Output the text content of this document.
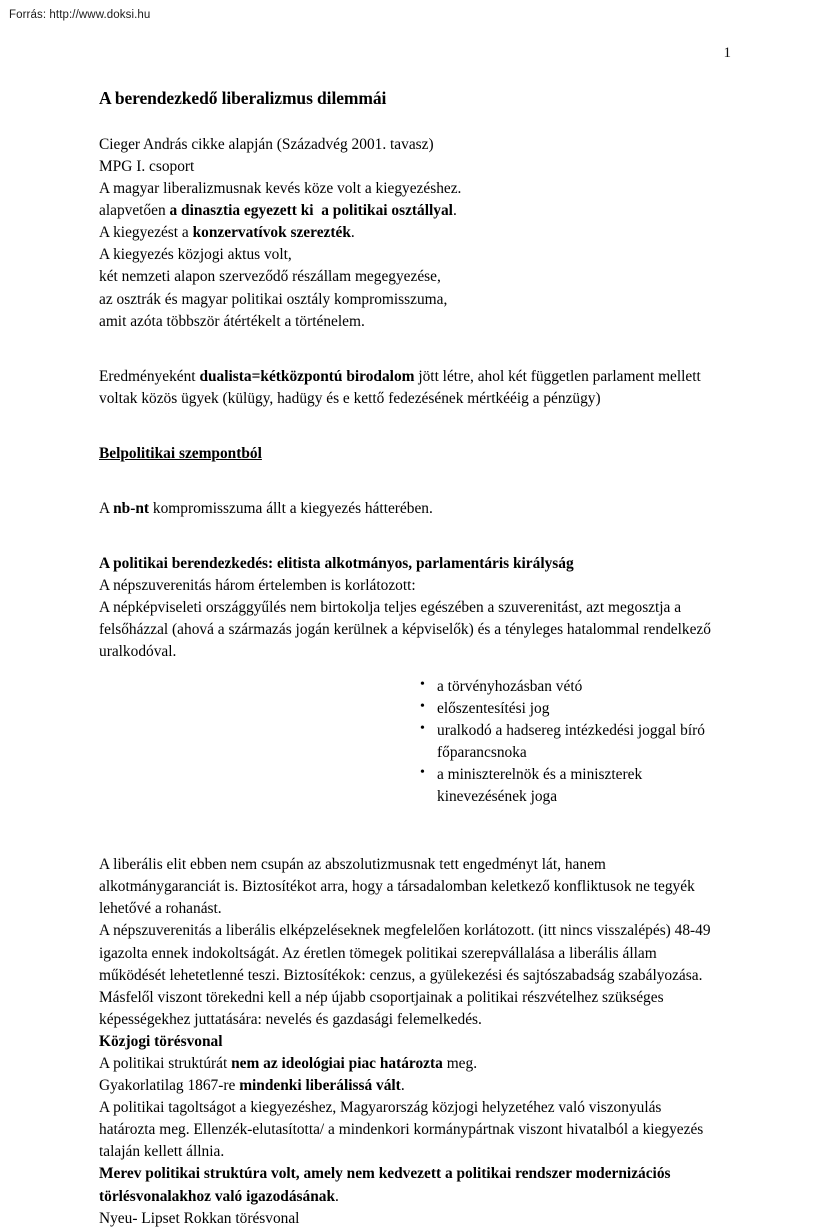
Forrás: http://www.doksi.hu
1
A berendezkedő liberalizmus dilemmái
Cieger András cikke alapján (Századvég 2001. tavasz)
MPG I. csoport
A magyar liberalizmusnak kevés köze volt a kiegyezéshez.
alapvetően a dinasztia egyezett ki  a politikai osztállyal.
A kiegyezést a konzervatívok szerezték.
A kiegyezés közjogi aktus volt,
két nemzeti alapon szerveződő részállam megegyezése,
az osztrák és magyar politikai osztály kompromisszuma,
amit azóta többször átértékelt a történelem.

Eredményeként dualista=kétközpontú birodalom jött létre, ahol két független parlament mellett voltak közös ügyek (külügy, hadügy és e kettő fedezésének mértkééig a pénzügy)

Belpolitikai szempontból

A nb-nt kompromisszuma állt a kiegyezés hátterében.

A politikai berendezkedés: elitista alkotmányos, parlamentáris királyság

A népszuverenitás három értelemben is korlátozott:

A népképviseleti országgyűlés nem birtokolja teljes egészében a szuverenitást, azt megosztja a felsőházzal (ahová a származás jogán kerülnek a képviselők) és a tényleges hatalommal rendelkező uralkodóval.

• a törvényhozásban vétó
• előszentesítési jog
• uralkodó a hadsereg intézkedési joggal bíró főparancsnoka
• a miniszterelnök és a miniszterek kinevezésének joga

A liberális elit ebben nem csupán az abszolutizmusnak tett engedményt lát, hanem alkotmánygaranciát is. Biztosítékot arra, hogy a társadalomban keletkező konfliktusok ne tegyék lehetővé a rohanást.

A népszuverenitás a liberális elképzeléseknek megfelelően korlátozott. (itt nincs visszalépés) 48-49 igazolta ennek indokoltságát. Az éretlen tömegek politikai szerepvállalása a liberális állam működését lehetetlenné teszi. Biztosítékok: cenzus, a gyülekezési és sajtószabadság szabályozása. Másfelől viszont törekedni kell a nép újabb csoportjainak a politikai részvételhez szükséges képességekhez juttatására: nevelés és gazdasági felemelkedés.

Közjogi törésvonal

A politikai struktúrát nem az ideológiai piac határozta meg.

Gyakorlatilag 1867-re mindenki liberálissá vált.

A politikai tagoltságot a kiegyezéshez, Magyarország közjogi helyzetéhez való viszonyulás határozta meg. Ellenzék-elutasította/ a mindenkori kormánypártnak viszont hivatalból a kiegyezés talaján kellett állnia.

Merev politikai struktúra volt, amely nem kedvezett a politikai rendszer modernizációs törlésvonalakhoz való igazodásának.

Nyeu- Lipset Rokkan törésvonal
